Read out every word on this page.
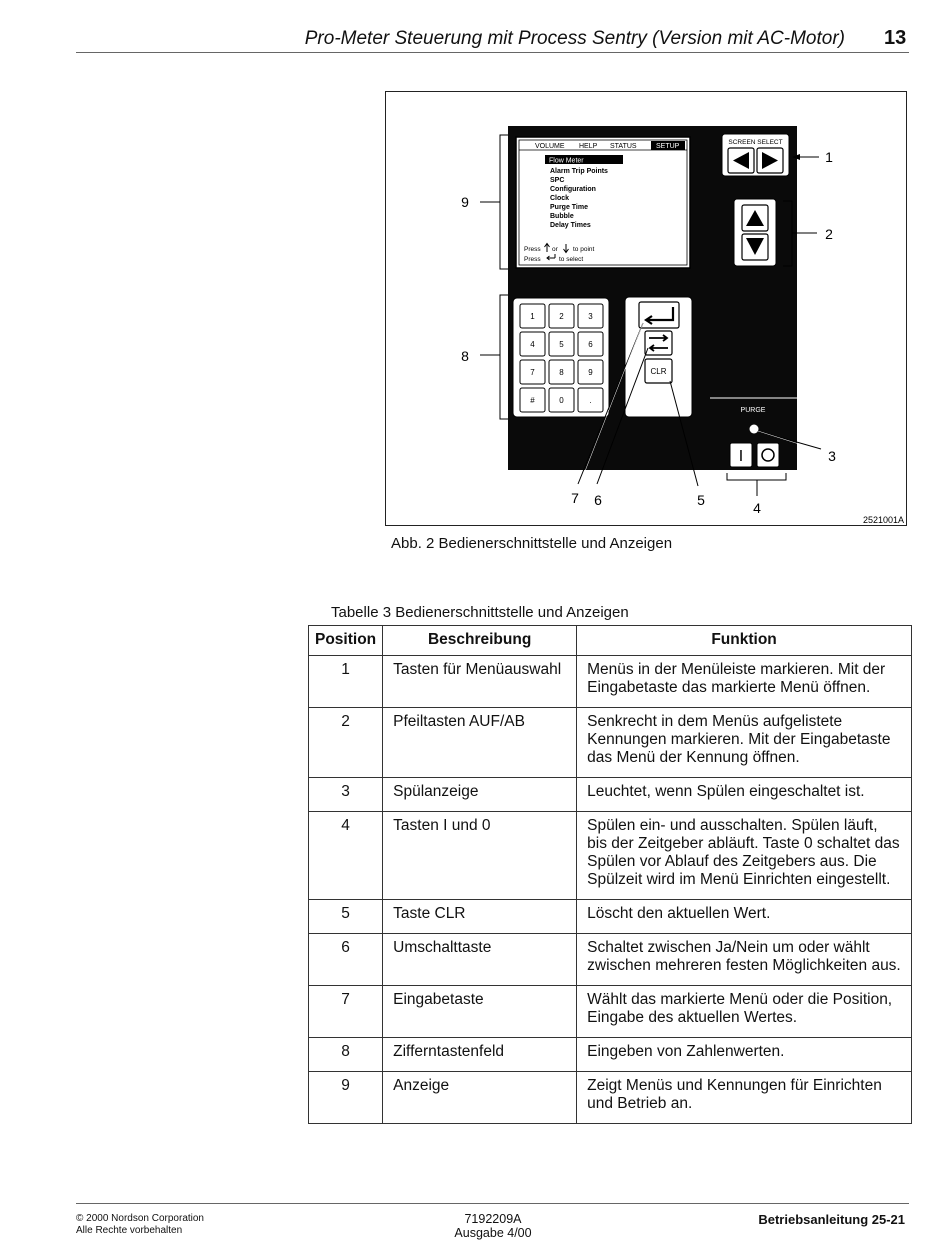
Pro-Meter Steuerung mit Process Sentry (Version mit AC-Motor) 13
VOLUME HELP STATUS	SETUP
Flow Meter
Alarm Trip Points
SPC
Configuration
Clock
Purge Time
Bubble
Delay Times
Press or to point
Press	to select
SCREEN SELECT
1	2	3
4	5	6
7	8	9
#	0	.
CLR
PURGE
I
9
8
2
1
3
4
7 6	5
2521001A
Abb. 2 Bedienerschnittstelle und Anzeigen
Tabelle 3 Bedienerschnittstelle und Anzeigen
Position	Beschreibung	Funktion
1	Tasten für Menüauswahl	Menüs in der Menüleiste markieren. Mit der Eingabetaste das markierte Menü öffnen.
2	Pfeiltasten AUF/AB	Senkrecht in dem Menüs aufgelistete Kennungen markieren. Mit der Eingabetaste das Menü der Kennung öffnen.
3	Spülanzeige	Leuchtet, wenn Spülen eingeschaltet ist.
4	Tasten I und 0	Spülen ein- und ausschalten. Spülen läuft, bis der Zeitgeber abläuft. Taste 0 schaltet das Spülen vor Ablauf des Zeitgebers aus. Die Spülzeit wird im Menü Einrichten eingestellt.
5	Taste CLR	Löscht den aktuellen Wert.
6	Umschalttaste	Schaltet zwischen Ja/Nein um oder wählt zwischen mehreren festen Möglichkeiten aus.
7	Eingabetaste	Wählt das markierte Menü oder die Position, Eingabe des aktuellen Wertes.
8	Zifferntastenfeld	Eingeben von Zahlenwerten.
9	Anzeige	Zeigt Menüs und Kennungen für Einrichten und Betrieb an.
© 2000 Nordson Corporation
Alle Rechte vorbehalten
7192209A
Ausgabe 4/00
Betriebsanleitung 25-21
